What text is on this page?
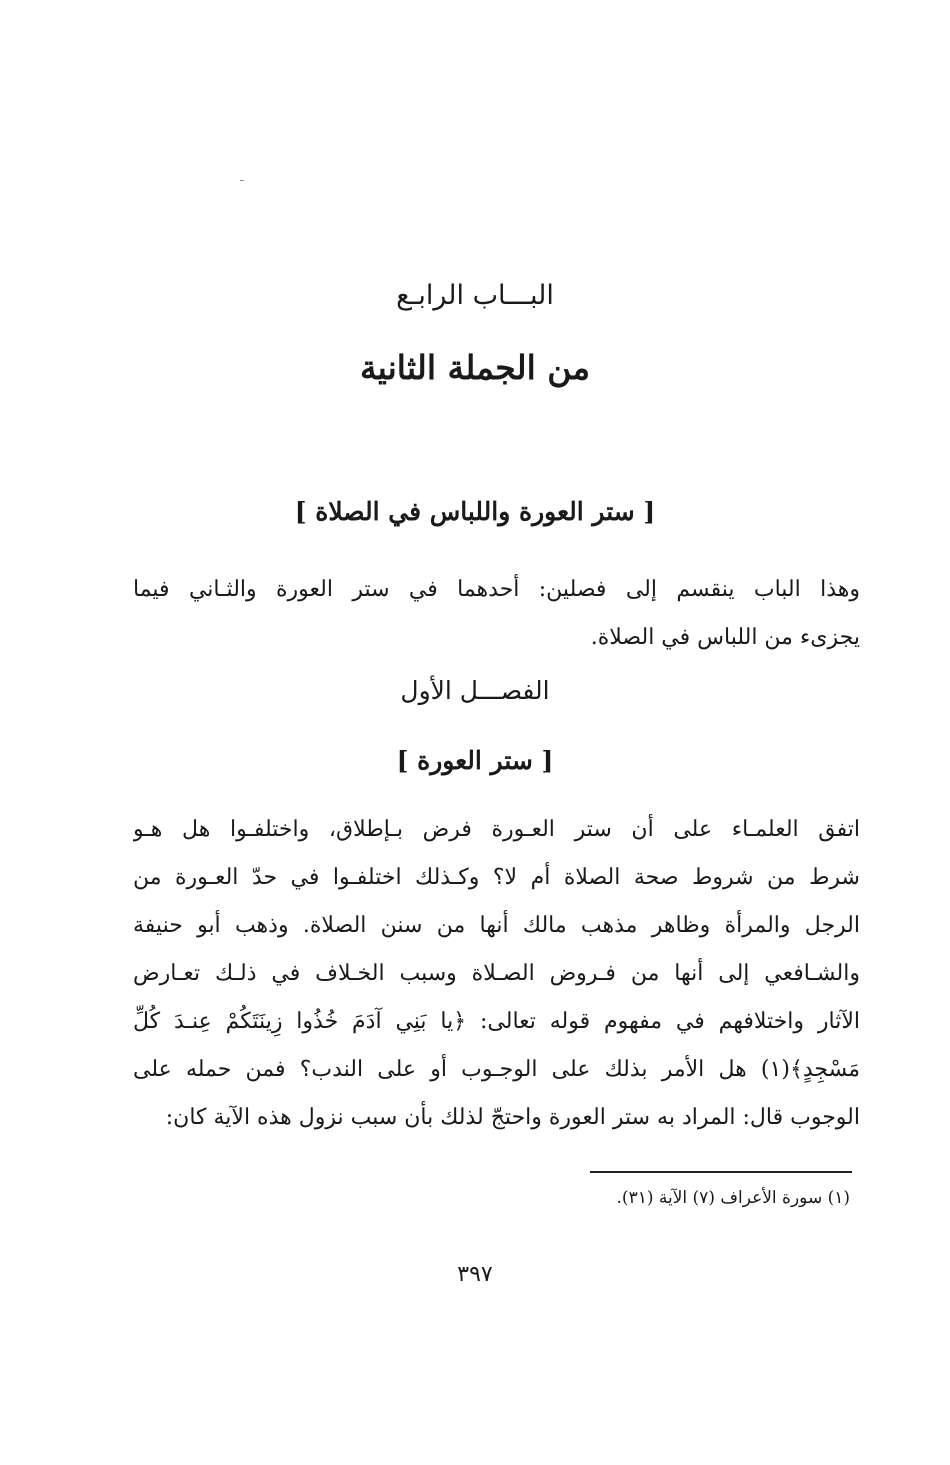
البـــاب الرابـع
من الجملة الثانية
[ ستر العورة واللباس في الصلاة ]
وهذا الباب ينقسم إلى فصلين: أحدهما في ستر العورة والثـاني فيما
يجزىء من اللباس في الصلاة.
الفصـــل الأول
[ ستر العورة ]
اتفق العلمـاء على أن ستر العـورة فرض بـإطلاق، واختلفـوا هل هـو
شرط من شروط صحة الصلاة أم لا؟ وكـذلك اختلفـوا في حدّ العـورة من
الرجل والمرأة وظاهر مذهب مالك أنها من سنن الصلاة. وذهب أبو حنيفة
والشـافعي إلى أنها من فـروض الصـلاة وسبب الخـلاف في ذلـك تعـارض
الآثار واختلافهم في مفهوم قوله تعالى: ﴿يا بَنِي آدَمَ خُذُوا زِينَتَكُمْ عِنـدَ كُلِّ
مَسْجِدٍ﴾(١) هل الأمر بذلك على الوجـوب أو على الندب؟ فمن حمله على
الوجوب قال: المراد به ستر العورة واحتجّ لذلك بأن سبب نزول هذه الآية كان:
(١) سورة الأعراف (٧) الآية (٣١).
٣٩٧
